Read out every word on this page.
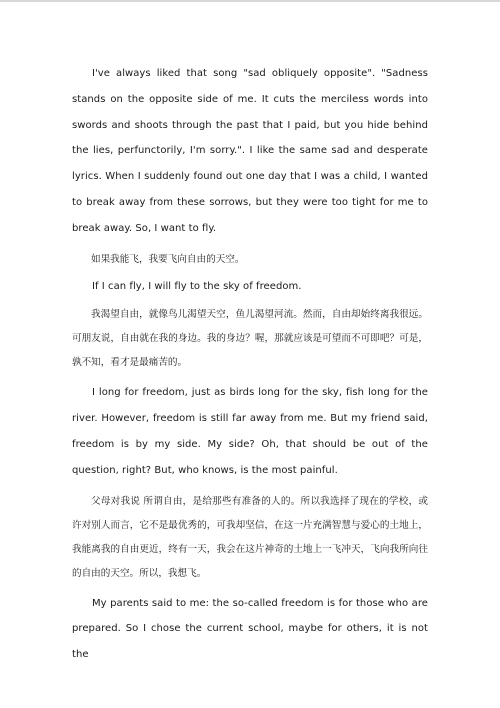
I've always liked that song "sad obliquely opposite". "Sadness stands on the opposite side of me. It cuts the merciless words into swords and shoots through the past that I paid, but you hide behind the lies, perfunctorily, I'm sorry.". I like the same sad and desperate lyrics. When I suddenly found out one day that I was a child, I wanted to break away from these sorrows, but they were too tight for me to break away. So, I want to fly.

如果我能飞，我要飞向自由的天空。

If I can fly, I will fly to the sky of freedom.

我渴望自由，就像鸟儿渴望天空，鱼儿渴望河流。然而，自由却始终离我很远。可朋友说，自由就在我的身边。我的身边？喔，那就应该是可望而不可即吧？可是，孰不知，看才是最痛苦的。

I long for freedom, just as birds long for the sky, fish long for the river. However, freedom is still far away from me. But my friend said, freedom is by my side. My side? Oh, that should be out of the question, right? But, who knows, is the most painful.

父母对我说 所谓自由，是给那些有准备的人的。所以我选择了现在的学校，或许对别人而言，它不是最优秀的，可我却坚信，在这一片充满智慧与爱心的土地上，我能离我的自由更近，终有一天，我会在这片神奇的土地上一飞冲天，飞向我所向往的自由的天空。所以，我想飞。

My parents said to me: the so-called freedom is for those who are prepared. So I chose the current school, maybe for others, it is not the
